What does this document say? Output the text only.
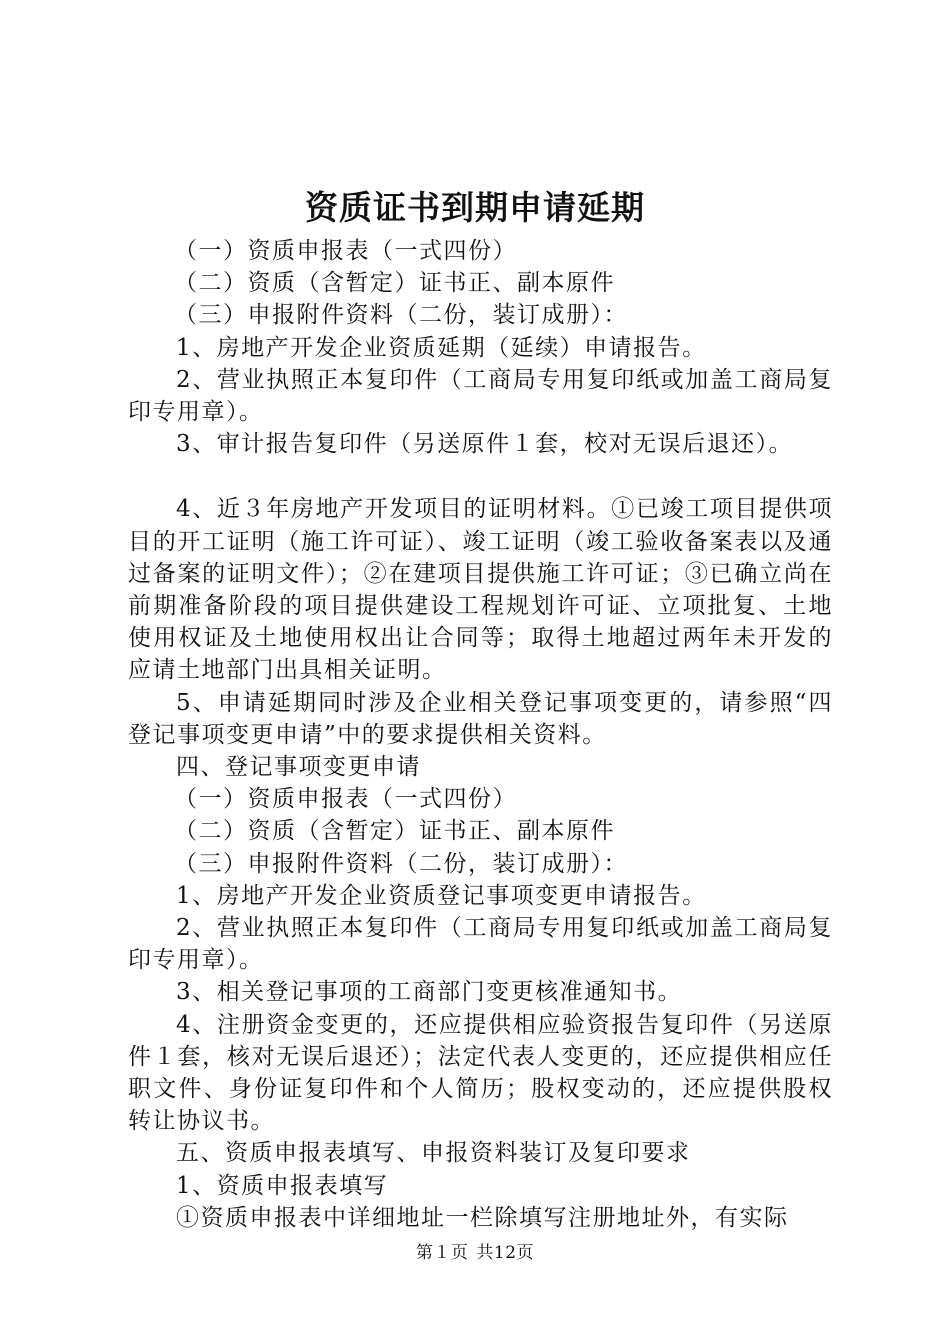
资质证书到期申请延期

（一）资质申报表（一式四份）

（二）资质（含暂定）证书正、副本原件

（三）申报附件资料（二份，装订成册）：

1、房地产开发企业资质延期（延续）申请报告。

2、营业执照正本复印件（工商局专用复印纸或加盖工商局复印专用章）。

3、审计报告复印件（另送原件１套，校对无误后退还）。

4、近３年房地产开发项目的证明材料。①已竣工项目提供项目的开工证明（施工许可证）、竣工证明（竣工验收备案表以及通过备案的证明文件）；②在建项目提供施工许可证；③已确立尚在前期准备阶段的项目提供建设工程规划许可证、立项批复、土地使用权证及土地使用权出让合同等；取得土地超过两年未开发的应请土地部门出具相关证明。

5、申请延期同时涉及企业相关登记事项变更的，请参照“四登记事项变更申请”中的要求提供相关资料。

四、登记事项变更申请

（一）资质申报表（一式四份）

（二）资质（含暂定）证书正、副本原件

（三）申报附件资料（二份，装订成册）：

1、房地产开发企业资质登记事项变更申请报告。

2、营业执照正本复印件（工商局专用复印纸或加盖工商局复印专用章）。

3、相关登记事项的工商部门变更核准通知书。

4、注册资金变更的，还应提供相应验资报告复印件（另送原件１套，核对无误后退还）；法定代表人变更的，还应提供相应任职文件、身份证复印件和个人简历；股权变动的，还应提供股权转让协议书。

五、资质申报表填写、申报资料装订及复印要求

1、资质申报表填写

①资质申报表中详细地址一栏除填写注册地址外，有实际

第１页 共12页
